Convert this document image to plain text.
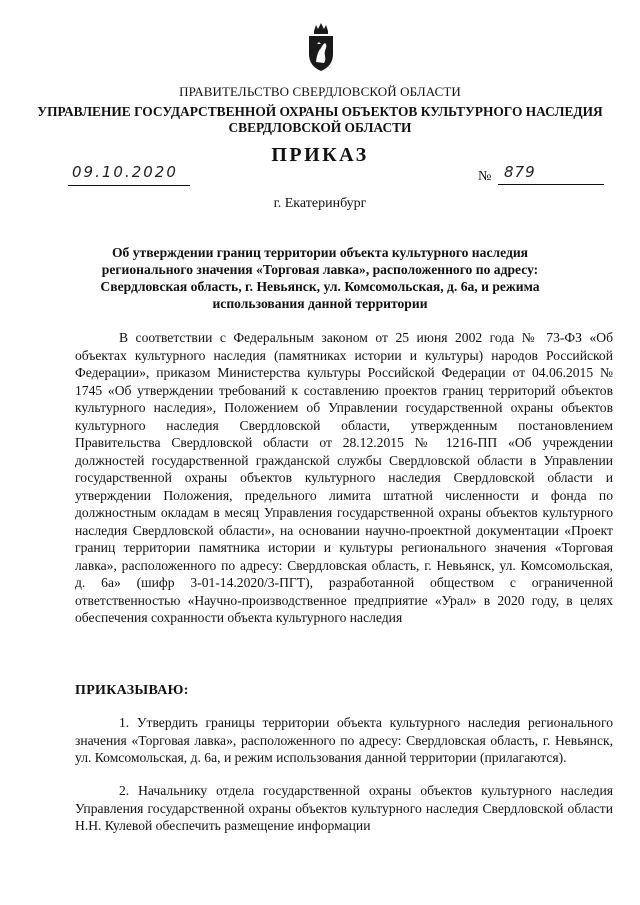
ПРАВИТЕЛЬСТВО СВЕРДЛОВСКОЙ ОБЛАСТИ
УПРАВЛЕНИЕ ГОСУДАРСТВЕННОЙ ОХРАНЫ ОБЪЕКТОВ КУЛЬТУРНОГО НАСЛЕДИЯ
СВЕРДЛОВСКОЙ ОБЛАСТИ
ПРИКАЗ
09.10.2020	№ 879
г. Екатеринбург
Об утверждении границ территории объекта культурного наследия регионального значения «Торговая лавка», расположенного по адресу: Свердловская область, г. Невьянск, ул. Комсомольская, д. 6а, и режима использования данной территории
В соответствии с Федеральным законом от 25 июня 2002 года № 73-ФЗ «Об объектах культурного наследия (памятниках истории и культуры) народов Российской Федерации», приказом Министерства культуры Российской Федерации от 04.06.2015 № 1745 «Об утверждении требований к составлению проектов границ территорий объектов культурного наследия», Положением об Управлении государственной охраны объектов культурного наследия Свердловской области, утвержденным постановлением Правительства Свердловской области от 28.12.2015 № 1216-ПП «Об учреждении должностей государственной гражданской службы Свердловской области в Управлении государственной охраны объектов культурного наследия Свердловской области и утверждении Положения, предельного лимита штатной численности и фонда по должностным окладам в месяц Управления государственной охраны объектов культурного наследия Свердловской области», на основании научно-проектной документации «Проект границ территории памятника истории и культуры регионального значения «Торговая лавка», расположенного по адресу: Свердловская область, г. Невьянск, ул. Комсомольская, д. 6а» (шифр 3-01-14.2020/3-ПГТ), разработанной обществом с ограниченной ответственностью «Научно-производственное предприятие «Урал» в 2020 году, в целях обеспечения сохранности объекта культурного наследия
ПРИКАЗЫВАЮ:
1. Утвердить границы территории объекта культурного наследия регионального значения «Торговая лавка», расположенного по адресу: Свердловская область, г. Невьянск, ул. Комсомольская, д. 6а, и режим использования данной территории (прилагаются).
2. Начальнику отдела государственной охраны объектов культурного наследия Управления государственной охраны объектов культурного наследия Свердловской области Н.Н. Кулевой обеспечить размещение информации
